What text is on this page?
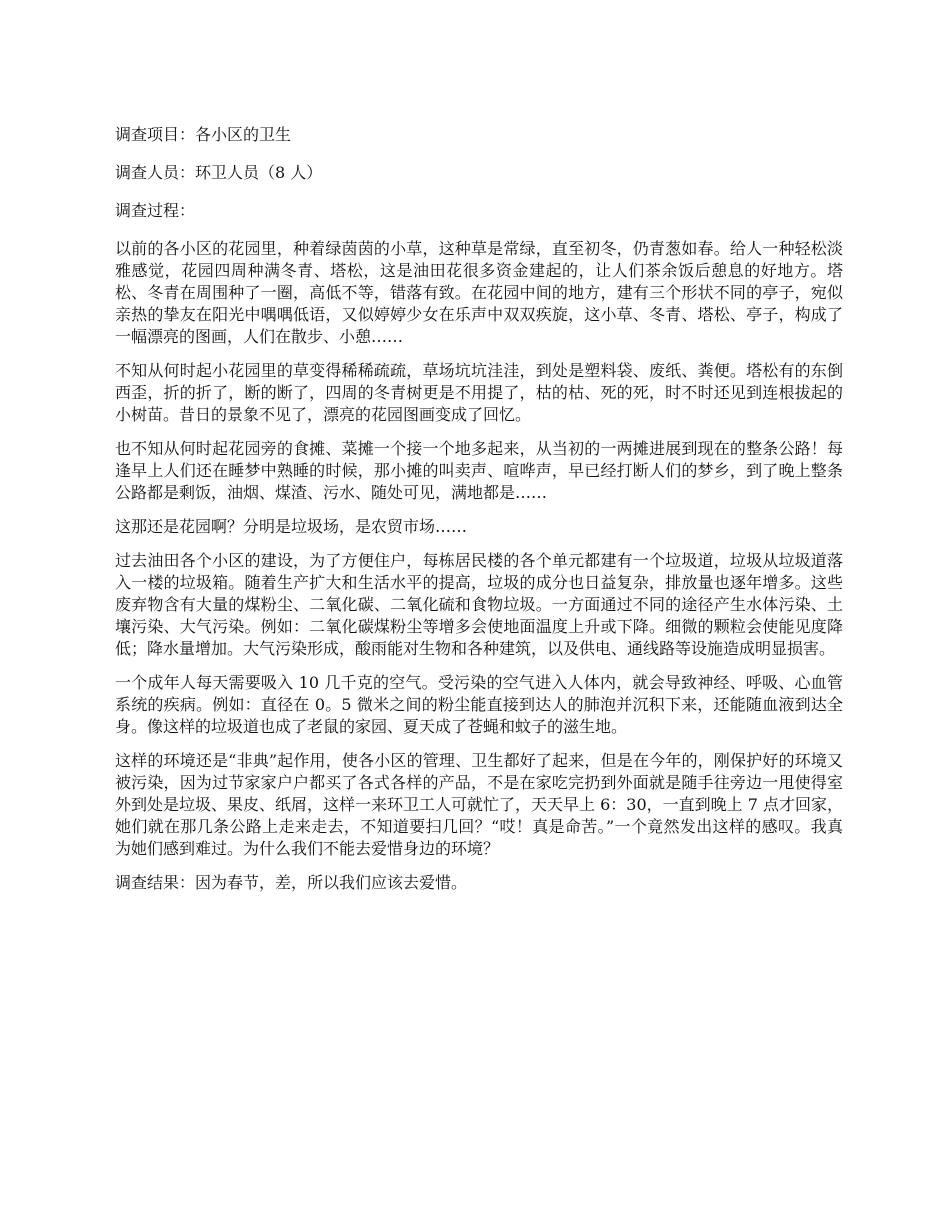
调查项目：各小区的卫生

调查人员：环卫人员（8 人）

调查过程：

以前的各小区的花园里，种着绿茵茵的小草，这种草是常绿，直至初冬，仍青葱如春。给人一种轻松淡雅感觉，花园四周种满冬青、塔松，这是油田花很多资金建起的，让人们茶余饭后憩息的好地方。塔松、冬青在周围种了一圈，高低不等，错落有致。在花园中间的地方，建有三个形状不同的亭子，宛似亲热的挚友在阳光中喁喁低语，又似婷婷少女在乐声中双双疾旋，这小草、冬青、塔松、亭子，构成了一幅漂亮的图画，人们在散步、小憩……

不知从何时起小花园里的草变得稀稀疏疏，草场坑坑洼洼，到处是塑料袋、废纸、粪便。塔松有的东倒西歪，折的折了，断的断了，四周的冬青树更是不用提了，枯的枯、死的死，时不时还见到连根拔起的小树苗。昔日的景象不见了，漂亮的花园图画变成了回忆。

也不知从何时起花园旁的食摊、菜摊一个接一个地多起来，从当初的一两摊进展到现在的整条公路！每逢早上人们还在睡梦中熟睡的时候，那小摊的叫卖声、喧哗声，早已经打断人们的梦乡，到了晚上整条公路都是剩饭，油烟、煤渣、污水、随处可见，满地都是……

这那还是花园啊？分明是垃圾场，是农贸市场……

过去油田各个小区的建设，为了方便住户，每栋居民楼的各个单元都建有一个垃圾道，垃圾从垃圾道落入一楼的垃圾箱。随着生产扩大和生活水平的提高，垃圾的成分也日益复杂，排放量也逐年增多。这些废弃物含有大量的煤粉尘、二氧化碳、二氧化硫和食物垃圾。一方面通过不同的途径产生水体污染、土壤污染、大气污染。例如：二氧化碳煤粉尘等增多会使地面温度上升或下降。细微的颗粒会使能见度降低；降水量增加。大气污染形成，酸雨能对生物和各种建筑，以及供电、通线路等设施造成明显损害。

一个成年人每天需要吸入 10 几千克的空气。受污染的空气进入人体内，就会导致神经、呼吸、心血管系统的疾病。例如：直径在 0。5 微米之间的粉尘能直接到达人的肺泡并沉积下来，还能随血液到达全身。像这样的垃圾道也成了老鼠的家园、夏天成了苍蝇和蚊子的滋生地。

这样的环境还是“非典”起作用，使各小区的管理、卫生都好了起来，但是在今年的，刚保护好的环境又被污染，因为过节家家户户都买了各式各样的产品，不是在家吃完扔到外面就是随手往旁边一甩使得室外到处是垃圾、果皮、纸屑，这样一来环卫工人可就忙了，天天早上 6：30，一直到晚上 7 点才回家，她们就在那几条公路上走来走去，不知道要扫几回？“哎！真是命苦。”一个竟然发出这样的感叹。我真为她们感到难过。为什么我们不能去爱惜身边的环境？

调查结果：因为春节，差，所以我们应该去爱惜。
